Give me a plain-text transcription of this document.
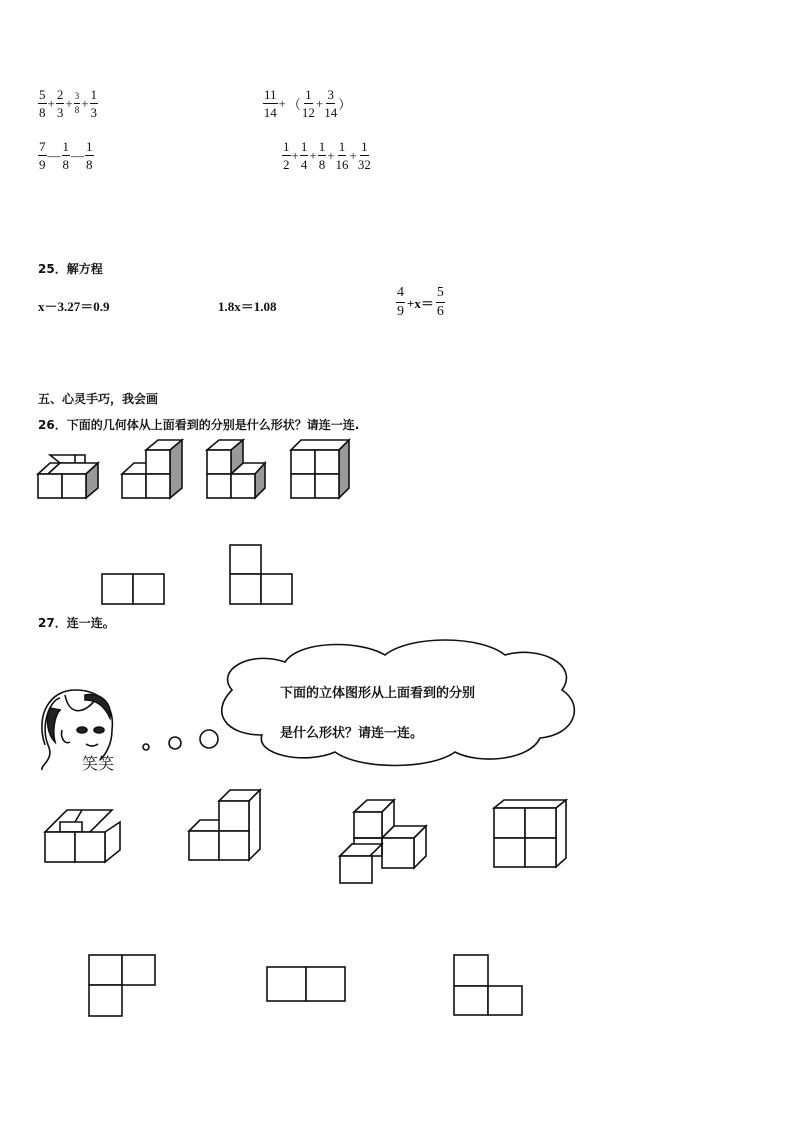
$\frac{5}{8} + \frac{2}{3} + \frac{3}{8} + \frac{1}{3}$	$\frac{11}{14}$ + （ $\frac{1}{12} + \frac{3}{14}$ ）
$\frac{7}{9}$ — $\frac{1}{8}$ — $\frac{1}{8}$	$\frac{1}{2} + \frac{1}{4} + \frac{1}{8} + \frac{1}{16} + \frac{1}{32}$
25．解方程
x－3.27＝0.9	1.8x＝1.08	$\frac{4}{9} +x= \frac{5}{6}$
五、心灵手巧，我会画
26．下面的几何体从上面看到的分别是什么形状？请连一连.
27．连一连。
下面的立体图形从上面看到的分别
是什么形状？请连一连。
笑笑
